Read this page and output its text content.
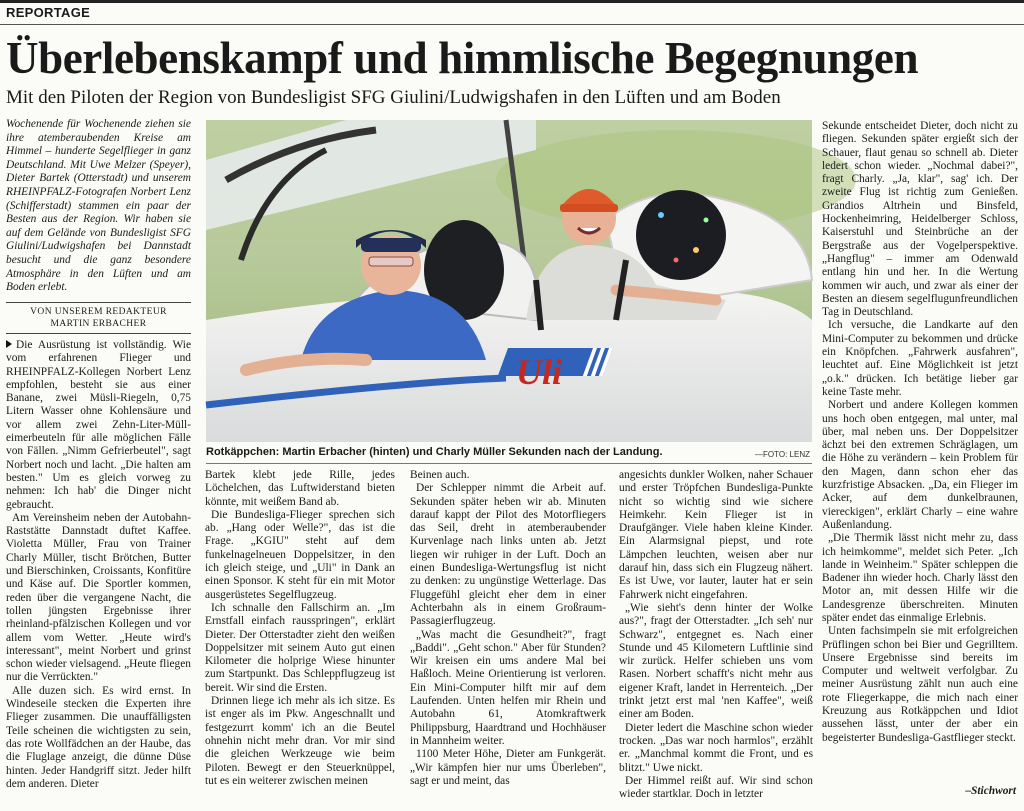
REPORTAGE
Überlebenskampf und himmlische Begegnungen
Mit den Piloten der Region von Bundesligist SFG Giulini/Ludwigshafen in den Lüften und am Boden
Wochenende für Wochenende ziehen sie ihre atemberaubenden Kreise am Himmel – hunderte Segelflieger in ganz Deutschland. Mit Uwe Melzer (Speyer), Dieter Bartek (Otterstadt) und unserem RHEINPFALZ-Fotografen Norbert Lenz (Schifferstadt) stammen ein paar der Besten aus der Region. Wir haben sie auf dem Gelände von Bundesligist SFG Giulini/Ludwigshafen bei Dannstadt besucht und die ganz besondere Atmosphäre in den Lüften und am Boden erlebt.
VON UNSEREM REDAKTEUR
MARTIN ERBACHER
Uli
Rotkäppchen: Martin Erbacher (hinten) und Charly Müller Sekunden nach der Landung.	—FOTO: LENZ

Die Ausrüstung ist vollständig. Wie vom erfahrenen Flieger und RHEINPFALZ-Kollegen Norbert Lenz empfohlen, besteht sie aus einer Banane, zwei Müsli-Riegeln, 0,75 Litern Wasser ohne Kohlensäure und vor allem zwei Zehn-Liter-Mülleimerbeuteln für alle möglichen Fälle von Fällen. „Nimm Gefrierbeutel", sagt Norbert noch und lacht. „Die halten am besten." Um es gleich vorweg zu nehmen: Ich hab' die Dinger nicht gebraucht.

Am Vereinsheim neben der Autobahn-Raststätte Dannstadt duftet Kaffee. Violetta Müller, Frau von Trainer Charly Müller, tischt Brötchen, Butter und Bierschinken, Croissants, Konfitüre und Käse auf. Die Sportler kommen, reden über die vergangene Nacht, die tollen jüngsten Ergebnisse ihrer rheinland-pfälzischen Kollegen und vor allem vom Wetter. „Heute wird's interessant", meint Norbert und grinst schon wieder vielsagend. „Heute fliegen nur die Verrückten."

Alle duzen sich. Es wird ernst. In Windeseile stecken die Experten ihre Flieger zusammen. Die unauffälligsten Teile scheinen die wichtigsten zu sein, das rote Wollfädchen an der Haube, das die Fluglage anzeigt, die dünne Düse hinten. Jeder Handgriff sitzt. Jeder hilft dem anderen. Dieter

Bartek klebt jede Rille, jedes Löchelchen, das Luftwiderstand bieten könnte, mit weißem Band ab.

Die Bundesliga-Flieger sprechen sich ab. „Hang oder Welle?", das ist die Frage. „KGIU" steht auf dem funkelnagelneuen Doppelsitzer, in den ich gleich steige, und „Uli" in Dank an einen Sponsor. K steht für ein mit Motor ausgerüstetes Segelflugzeug.

Ich schnalle den Fallschirm an. „Im Ernstfall einfach rausspringen", erklärt Dieter. Der Otterstadter zieht den weißen Doppelsitzer mit seinem Auto gut einen Kilometer die holprige Wiese hinunter zum Startpunkt. Das Schleppflugzeug ist bereit. Wir sind die Ersten.

Drinnen liege ich mehr als ich sitze. Es ist enger als im Pkw. Angeschnallt und festgezurrt komm' ich an die Beutel ohnehin nicht mehr dran. Vor mir sind die gleichen Werkzeuge wie beim Piloten. Bewegt er den Steuerknüppel, tut es ein weiterer zwischen meinen

Beinen auch.

Der Schlepper nimmt die Arbeit auf. Sekunden später heben wir ab. Minuten darauf kappt der Pilot des Motorfliegers das Seil, dreht in atemberaubender Kurvenlage nach links unten ab. Jetzt liegen wir ruhiger in der Luft. Doch an einen Bundesliga-Wertungsflug ist nicht zu denken: zu ungünstige Wetterlage. Das Fluggefühl gleicht eher dem in einer Achterbahn als in einem Großraum-Passagierflugzeug.

„Was macht die Gesundheit?", fragt „Baddi". „Geht schon." Aber für Stunden? Wir kreisen ein ums andere Mal bei Haßloch. Meine Orientierung ist verloren. Ein Mini-Computer hilft mir auf dem Laufenden. Unten helfen mir Rhein und Autobahn 61, Atomkraftwerk Philippsburg, Haardtrand und Hochhäuser in Mannheim weiter.

1100 Meter Höhe, Dieter am Funkgerät. „Wir kämpfen hier nur ums Überleben", sagt er und meint, das

angesichts dunkler Wolken, naher Schauer und erster Tröpfchen Bundesliga-Punkte nicht so wichtig sind wie sichere Heimkehr. Kein Flieger ist in Draufgänger. Viele haben kleine Kinder. Ein Alarmsignal piepst, und rote Lämpchen leuchten, weisen aber nur darauf hin, dass sich ein Flugzeug nähert. Es ist Uwe, vor lauter, lauter hat er sein Fahrwerk nicht eingefahren.

„Wie sieht's denn hinter der Wolke aus?", fragt der Otterstadter. „Ich seh' nur Schwarz", entgegnet es. Nach einer Stunde und 45 Kilometern Luftlinie sind wir zurück. Helfer schieben uns vom Rasen. Norbert schafft's nicht mehr aus eigener Kraft, landet in Herrenteich. „Der trinkt jetzt erst mal 'nen Kaffee", weiß einer am Boden.

Dieter ledert die Maschine schon wieder trocken. „Das war noch harmlos", erzählt er. „Manchmal kommt die Front, und es blitzt." Uwe nickt.

Der Himmel reißt auf. Wir sind schon wieder startklar. Doch in letzter

Sekunde entscheidet Dieter, doch nicht zu fliegen. Sekunden später ergießt sich der Schauer, flaut genau so schnell ab. Dieter ledert schon wieder. „Nochmal dabei?", fragt Charly. „Ja, klar", sag' ich. Der zweite Flug ist richtig zum Genießen. Grandios Altrhein und Binsfeld, Hockenheimring, Heidelberger Schloss, Kaiserstuhl und Steinbrüche an der Bergstraße aus der Vogelperspektive. „Hangflug" – immer am Odenwald entlang hin und her. In die Wertung kommen wir auch, und zwar als einer der Besten an diesem segelflugunfreundlichen Tag in Deutschland.

Ich versuche, die Landkarte auf den Mini-Computer zu bekommen und drücke ein Knöpfchen. „Fahrwerk ausfahren", leuchtet auf. Eine Möglichkeit ist jetzt „o.k." drücken. Ich betätige lieber gar keine Taste mehr.

Norbert und andere Kollegen kommen uns hoch oben entgegen, mal unter, mal über, mal neben uns. Der Doppelsitzer ächzt bei den extremen Schräglagen, um die Höhe zu verändern – kein Problem für den Magen, dann schon eher das kurzfristige Absacken. „Da, ein Flieger im Acker, auf dem dunkelbraunen, viereckigen", erklärt Charly – eine wahre Außenlandung.

„Die Thermik lässt nicht mehr zu, dass ich heimkomme", meldet sich Peter. „Ich lande in Weinheim." Später schleppen die Badener ihn wieder hoch. Charly lässt den Motor an, mit dessen Hilfe wir die Landesgrenze überschreiten. Minuten später endet das einmalige Erlebnis.

Unten fachsimpeln sie mit erfolgreichen Prüflingen schon bei Bier und Gegrilltem. Unsere Ergebnisse sind bereits im Computer und weltweit verfolgbar. Zu meiner Ausrüstung zählt nun auch eine rote Fliegerkappe, die mich nach einer Kreuzung aus Rotkäppchen und Idiot aussehen lässt, unter der aber ein begeisterter Bundesliga-Gastflieger steckt.

–Stichwort
